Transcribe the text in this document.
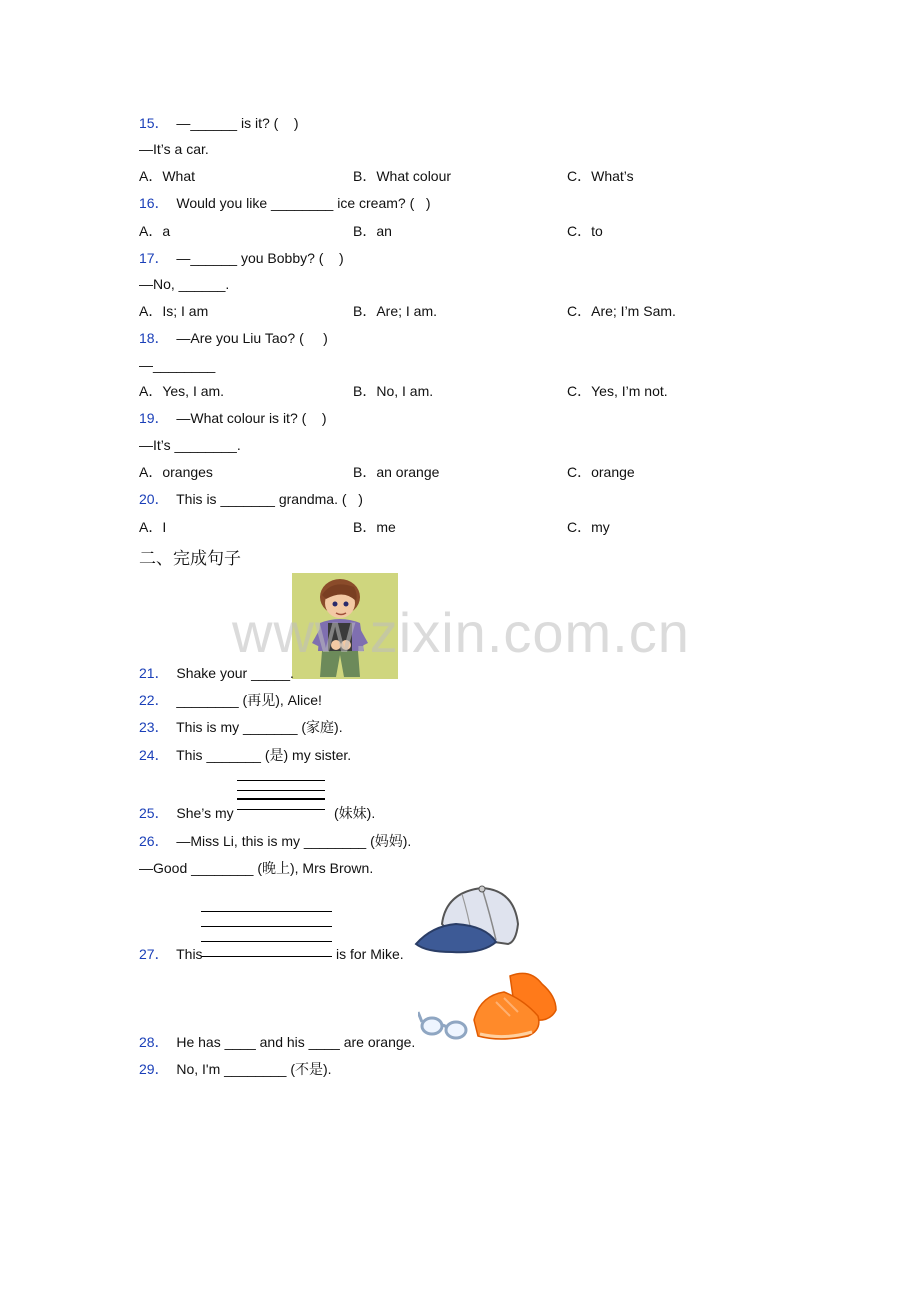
15． —______ is it? (    )
—It’s a car.
A．What	B．What colour	C．What’s
16． Would you like ________ ice cream? (   )
A．a	B．an	C．to
17． —______ you Bobby? (    )
—No, ______.
A．Is; I am	B．Are; I am.	C．Are; I’m Sam.
18． —Are you Liu Tao? (     )
—________
A．Yes, I am.	B．No, I am.	C．Yes, I’m not.
19． —What colour is it? (    )
—It’s ________.
A．oranges	B．an orange	C．orange
20． This is _______ grandma. (   )
A．I	B．me	C．my
二、完成句子
www.zixin.com.cn
21． Shake your _____.
22． ________ (再见), Alice!
23． This is my _______ (家庭).
24． This _______ (是) my sister.
25． She’s my	(妹妹).
26． —Miss Li, this is my ________ (妈妈).
—Good ________ (晚上), Mrs Brown.
27． This	is for Mike.
28． He has ____ and his ____ are orange.
29． No, I'm ________ (不是).
